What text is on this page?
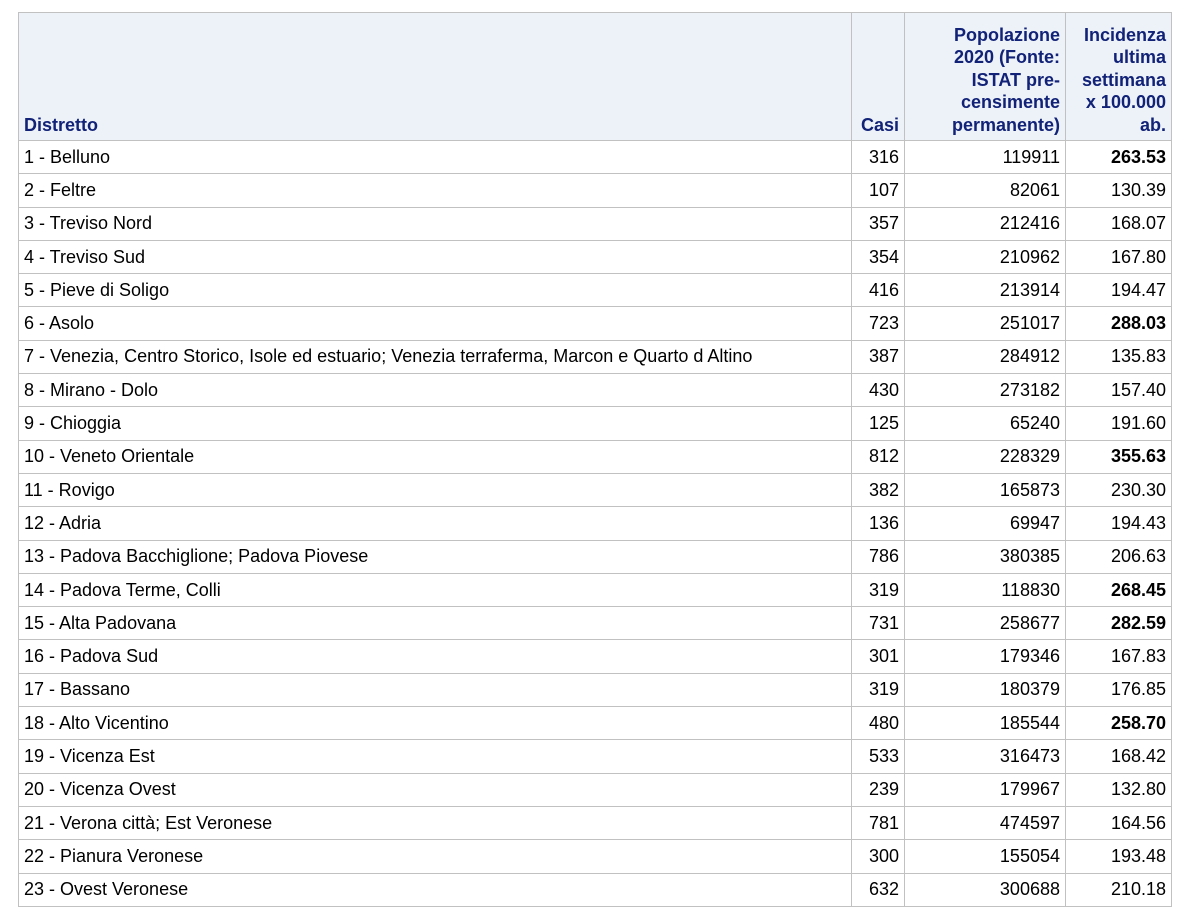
Distretto	Casi	Popolazione 2020 (Fonte: ISTAT pre-censimente permanente)	Incidenza ultima settimana x 100.000 ab.
1 - Belluno	316	119911	263.53
2 - Feltre	107	82061	130.39
3 - Treviso Nord	357	212416	168.07
4 - Treviso Sud	354	210962	167.80
5 - Pieve di Soligo	416	213914	194.47
6 - Asolo	723	251017	288.03
7 - Venezia, Centro Storico, Isole ed estuario; Venezia terraferma, Marcon e Quarto d Altino	387	284912	135.83
8 - Mirano - Dolo	430	273182	157.40
9 - Chioggia	125	65240	191.60
10 - Veneto Orientale	812	228329	355.63
11 - Rovigo	382	165873	230.30
12 - Adria	136	69947	194.43
13 - Padova Bacchiglione; Padova Piovese	786	380385	206.63
14 - Padova Terme, Colli	319	118830	268.45
15 - Alta Padovana	731	258677	282.59
16 - Padova Sud	301	179346	167.83
17 - Bassano	319	180379	176.85
18 - Alto Vicentino	480	185544	258.70
19 - Vicenza Est	533	316473	168.42
20 - Vicenza Ovest	239	179967	132.80
21 - Verona città; Est Veronese	781	474597	164.56
22 - Pianura Veronese	300	155054	193.48
23 - Ovest Veronese	632	300688	210.18
